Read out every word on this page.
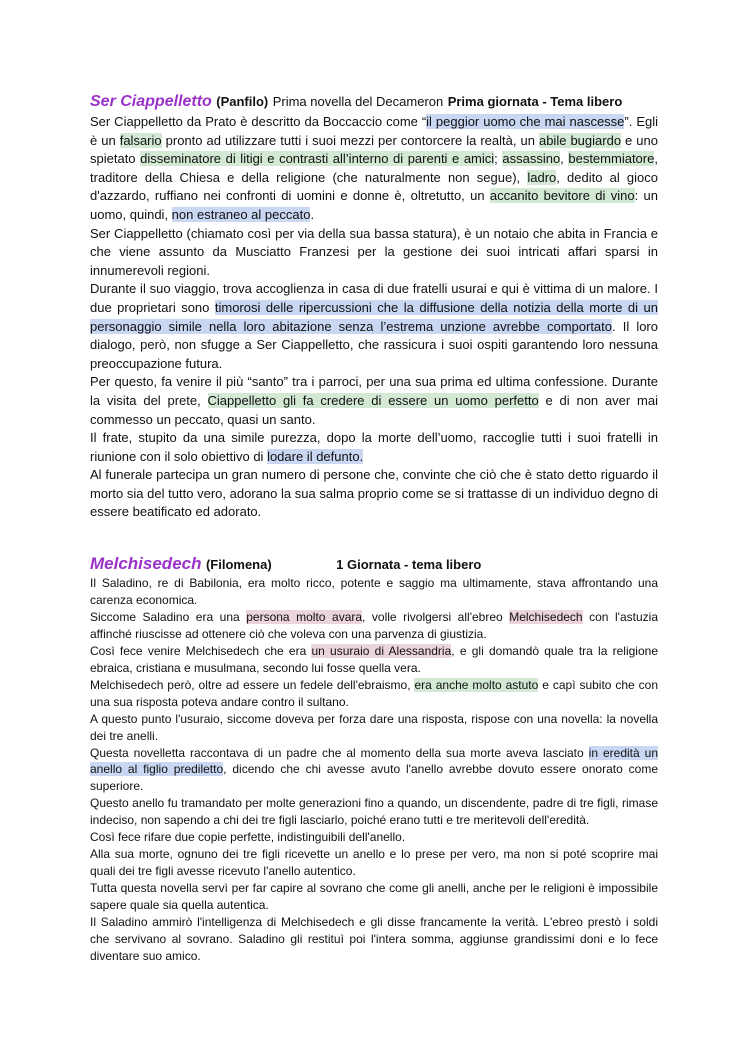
Ser Ciappelletto (Panfilo) Prima novella del Decameron Prima giornata - Tema libero

Ser Ciappelletto da Prato è descritto da Boccaccio come “il peggior uomo che mai nascesse”. Egli è un falsario pronto ad utilizzare tutti i suoi mezzi per contorcere la realtà, un abile bugiardo e uno spietato disseminatore di litigi e contrasti all’interno di parenti e amici; assassino, bestemmiatore, traditore della Chiesa e della religione (che naturalmente non segue), ladro, dedito al gioco d'azzardo, ruffiano nei confronti di uomini e donne è, oltretutto, un accanito bevitore di vino: un uomo, quindi, non estraneo al peccato.

Ser Ciappelletto (chiamato così per via della sua bassa statura), è un notaio che abita in Francia e che viene assunto da Musciatto Franzesi per la gestione dei suoi intricati affari sparsi in innumerevoli regioni.

Durante il suo viaggio, trova accoglienza in casa di due fratelli usurai e qui è vittima di un malore. I due proprietari sono timorosi delle ripercussioni che la diffusione della notizia della morte di un personaggio simile nella loro abitazione senza l’estrema unzione avrebbe comportato. Il loro dialogo, però, non sfugge a Ser Ciappelletto, che rassicura i suoi ospiti garantendo loro nessuna preoccupazione futura.

Per questo, fa venire il più “santo” tra i parroci, per una sua prima ed ultima confessione. Durante la visita del prete, Ciappelletto gli fa credere di essere un uomo perfetto e di non aver mai commesso un peccato, quasi un santo.

Il frate, stupito da una simile purezza, dopo la morte dell’uomo, raccoglie tutti i suoi fratelli in riunione con il solo obiettivo di lodare il defunto.

Al funerale partecipa un gran numero di persone che, convinte che ciò che è stato detto riguardo il morto sia del tutto vero, adorano la sua salma proprio come se si trattasse di un individuo degno di essere beatificato ed adorato.

Melchisedech (Filomena)	1 Giornata - tema libero

Il Saladino, re di Babilonia, era molto ricco, potente e saggio ma ultimamente, stava affrontando una carenza economica.

Siccome Saladino era una persona molto avara, volle rivolgersi all'ebreo Melchisedech con l'astuzia affinché riuscisse ad ottenere ciò che voleva con una parvenza di giustizia.

Così fece venire Melchisedech che era un usuraio di Alessandria, e gli domandò quale tra la religione ebraica, cristiana e musulmana, secondo lui fosse quella vera.

Melchisedech però, oltre ad essere un fedele dell'ebraismo, era anche molto astuto e capì subito che con una sua risposta poteva andare contro il sultano.

A questo punto l'usuraio, siccome doveva per forza dare una risposta, rispose con una novella: la novella dei tre anelli.

Questa novelletta raccontava di un padre che al momento della sua morte aveva lasciato in eredità un anello al figlio prediletto, dicendo che chi avesse avuto l'anello avrebbe dovuto essere onorato come superiore.

Questo anello fu tramandato per molte generazioni fino a quando, un discendente, padre di tre figli, rimase indeciso, non sapendo a chi dei tre figli lasciarlo, poiché erano tutti e tre meritevoli dell'eredità.

Così fece rifare due copie perfette, indistinguibili dell'anello.

Alla sua morte, ognuno dei tre figli ricevette un anello e lo prese per vero, ma non si poté scoprire mai quali dei tre figli avesse ricevuto l'anello autentico.

Tutta questa novella servì per far capire al sovrano che come gli anelli, anche per le religioni è impossibile sapere quale sia quella autentica.

Il Saladino ammirò l'intelligenza di Melchisedech e gli disse francamente la verità. L'ebreo prestò i soldi che servivano al sovrano. Saladino gli restituì poi l'intera somma, aggiunse grandissimi doni e lo fece diventare suo amico.
